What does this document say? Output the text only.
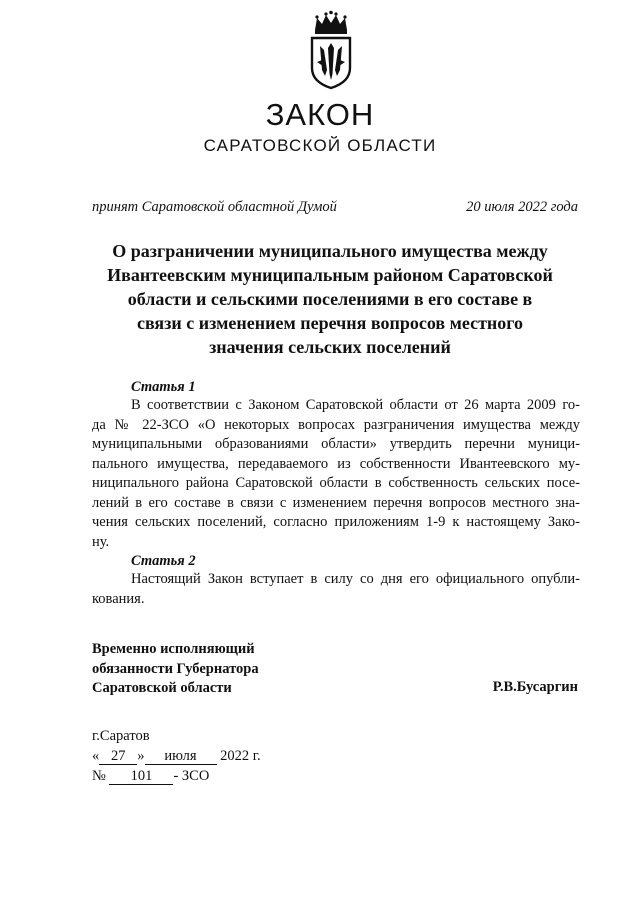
ЗАКОН
САРАТОВСКОЙ ОБЛАСТИ
принят Саратовской областной Думой	20 июля 2022 года
О разграничении муниципального имущества между
Ивантеевским муниципальным районом Саратовской
области и сельскими поселениями в его составе в
связи с изменением перечня вопросов местного
значения сельских поселений
Статья 1
В соответствии с Законом Саратовской области от 26 марта 2009 го-
да № 22-ЗСО «О некоторых вопросах разграничения имущества между
муниципальными образованиями области» утвердить перечни муници-
пального имущества, передаваемого из собственности Ивантеевского му-
ниципального района Саратовской области в собственность сельских посе-
лений в его составе в связи с изменением перечня вопросов местного зна-
чения сельских поселений, согласно приложениям 1-9 к настоящему Зако-
ну.
Статья 2
Настоящий Закон вступает в силу со дня его официального опубли-
кования.
Временно исполняющий
обязанности Губернатора
Саратовской области	Р.В.Бусаргин
г.Саратов
« 27 » июля 2022 г.
№ 101 - ЗСО
